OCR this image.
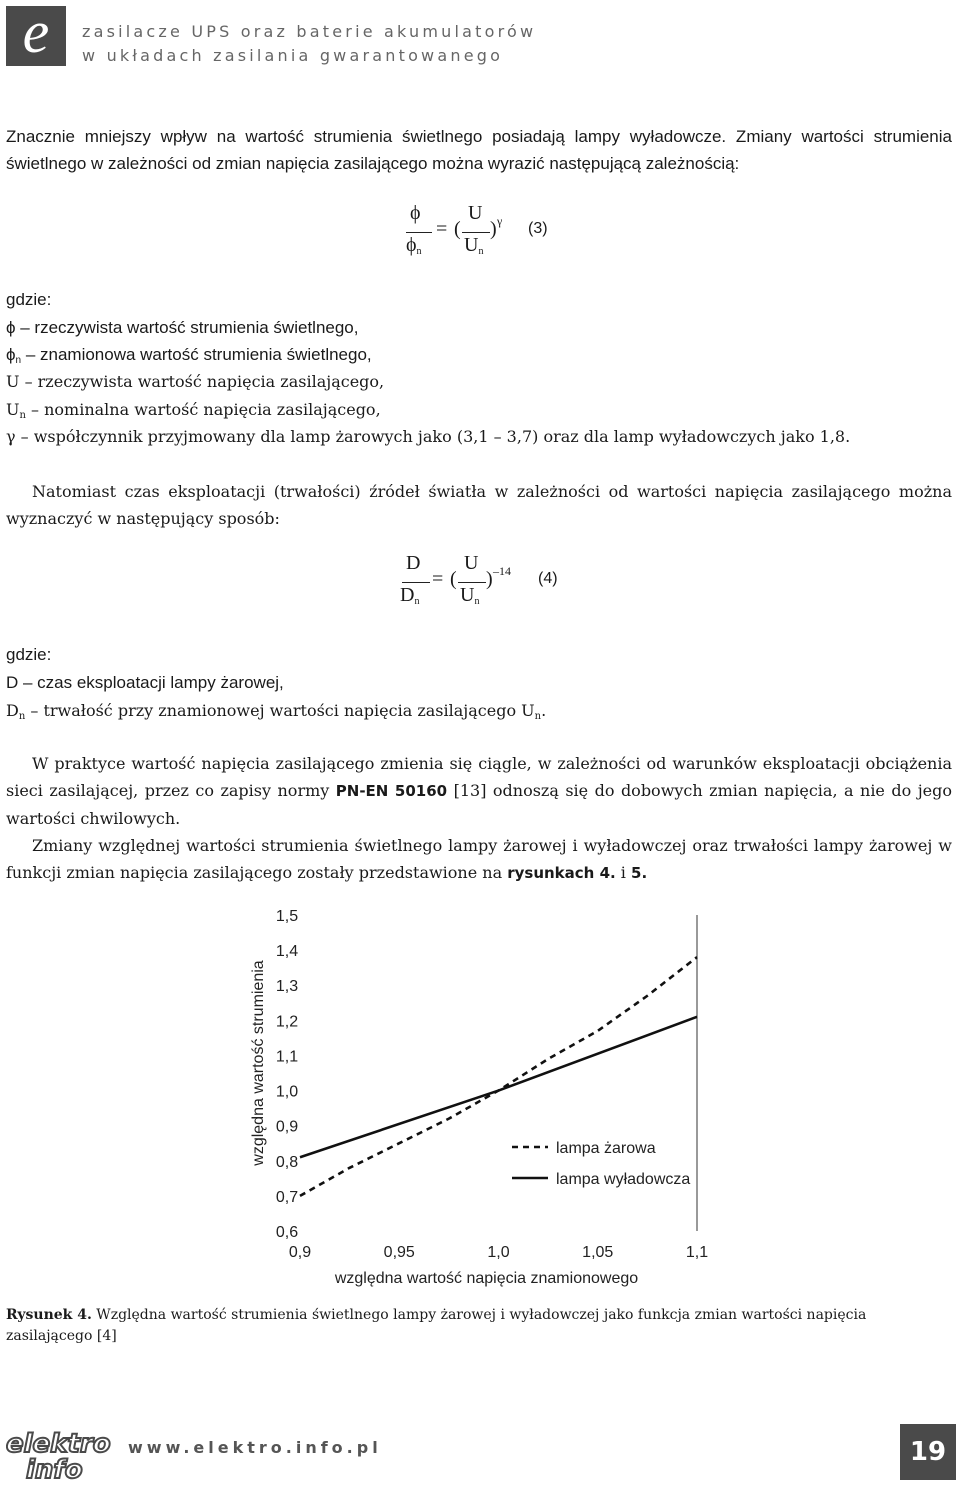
e zasilacze UPS oraz baterie akumulatorów
w układach zasilania gwarantowanego

Znacznie mniejszy wpływ na wartość strumienia świetlnego posiadają lampy wyładowcze. Zmiany wartości strumienia świetlnego w zależności od zmian napięcia zasilającego można wyrazić następującą zależnością:

ϕ
$\phi_n$
= (
U
$U_n$
) γ (3)
gdzie:
ϕ – rzeczywista wartość strumienia świetlnego,
$\phi_n$ – znamionowa wartość strumienia świetlnego,
U – rzeczywista wartość napięcia zasilającego,
$U_n$ – nominalna wartość napięcia zasilającego,
γ – współczynnik przyjmowany dla lamp żarowych jako (3,1 – 3,7) oraz dla lamp wyładowczych jako 1,8.

Natomiast czas eksploatacji (trwałości) źródeł światła w zależności od wartości napięcia zasilającego można wyznaczyć w następujący sposób:

D
$D_n$
= (
U
$U_n$
) –14 (4)
gdzie:
D – czas eksploatacji lampy żarowej,
$D_n$ – trwałość przy znamionowej wartości napięcia zasilającego $U_n$.

W praktyce wartość napięcia zasilającego zmienia się ciągle, w zależności od warunków eksploatacji obciążenia sieci zasilającej, przez co zapisy normy PN-EN 50160 [13] odnoszą się do dobowych zmian napięcia, a nie do jego wartości chwilowych.

Zmiany względnej wartości strumienia świetlnego lampy żarowej i wyładowczej oraz trwałości lampy żarowej w funkcji zmian napięcia zasilającego zostały przedstawione na rysunkach 4. i 5.

0,6
0,7
0,8
0,9
1,0
1,1
1,2
1,3
1,4
1,5
0,9	0,95	1,0	1,05	1,1
względna wartość napięcia znamionowego
względna wartość strumienia	lampa żarowa
lampa wyładowcza
Rysunek 4. Względna wartość strumienia świetlnego lampy żarowej i wyładowczej jako funkcja zmian wartości napięcia zasilającego [4]
elektro
info
www.elektro.info.pl	19
